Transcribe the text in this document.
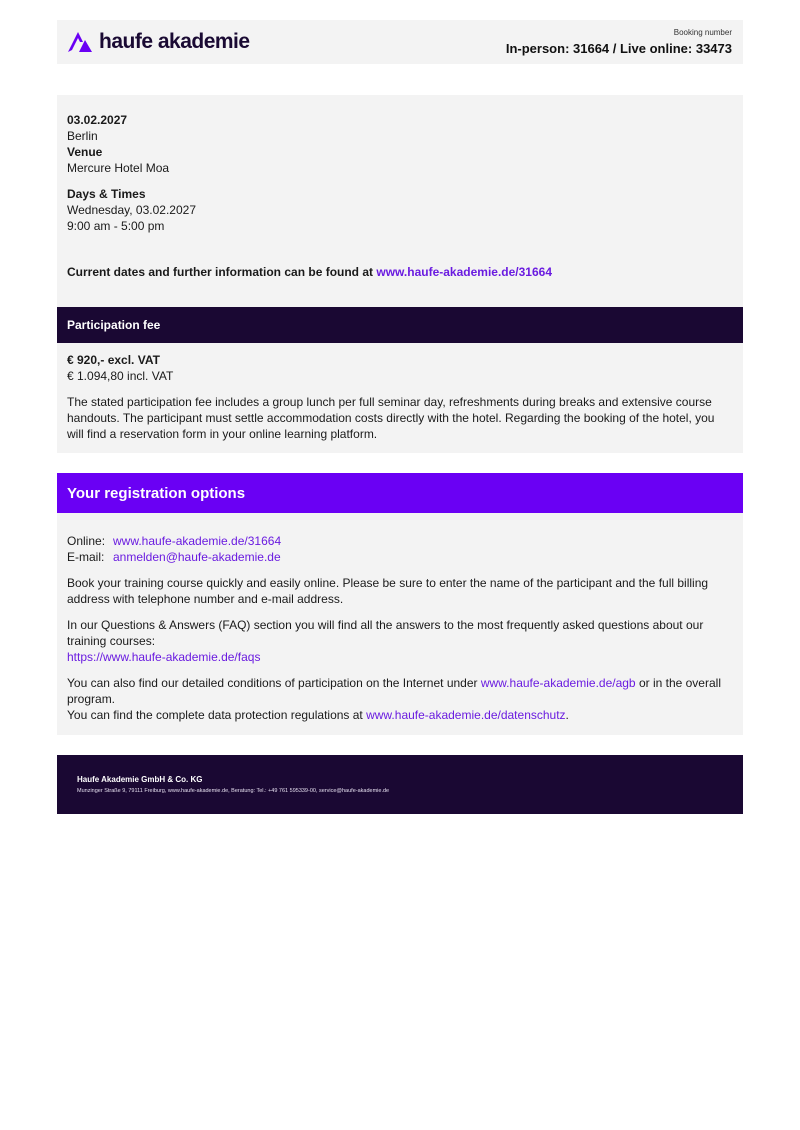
haufe akademie	Booking number
In-person: 31664 / Live online: 33473
03.02.2027
Berlin
Venue
Mercure Hotel Moa
Days & Times
Wednesday, 03.02.2027
9:00 am - 5:00 pm
Current dates and further information can be found at www.haufe-akademie.de/31664
Participation fee
€ 920,- excl. VAT
€ 1.094,80 incl. VAT

The stated participation fee includes a group lunch per full seminar day, refreshments during breaks and extensive course handouts. The participant must settle accommodation costs directly with the hotel. Regarding the booking of the hotel, you will find a reservation form in your online learning platform.

Your registration options
Online: www.haufe-akademie.de/31664
E-mail: anmelden@haufe-akademie.de

Book your training course quickly and easily online. Please be sure to enter the name of the participant and the full billing address with telephone number and e-mail address.

In our Questions & Answers (FAQ) section you will find all the answers to the most frequently asked questions about our training courses:

https://www.haufe-akademie.de/faqs

You can also find our detailed conditions of participation on the Internet under www.haufe-akademie.de/agb or in the overall program.

You can find the complete data protection regulations at www.haufe-akademie.de/datenschutz.

Haufe Akademie GmbH & Co. KG
Munzinger Straße 9, 79111 Freiburg, www.haufe-akademie.de, Beratung: Tel.: +49 761 595339-00, service@haufe-akademie.de
